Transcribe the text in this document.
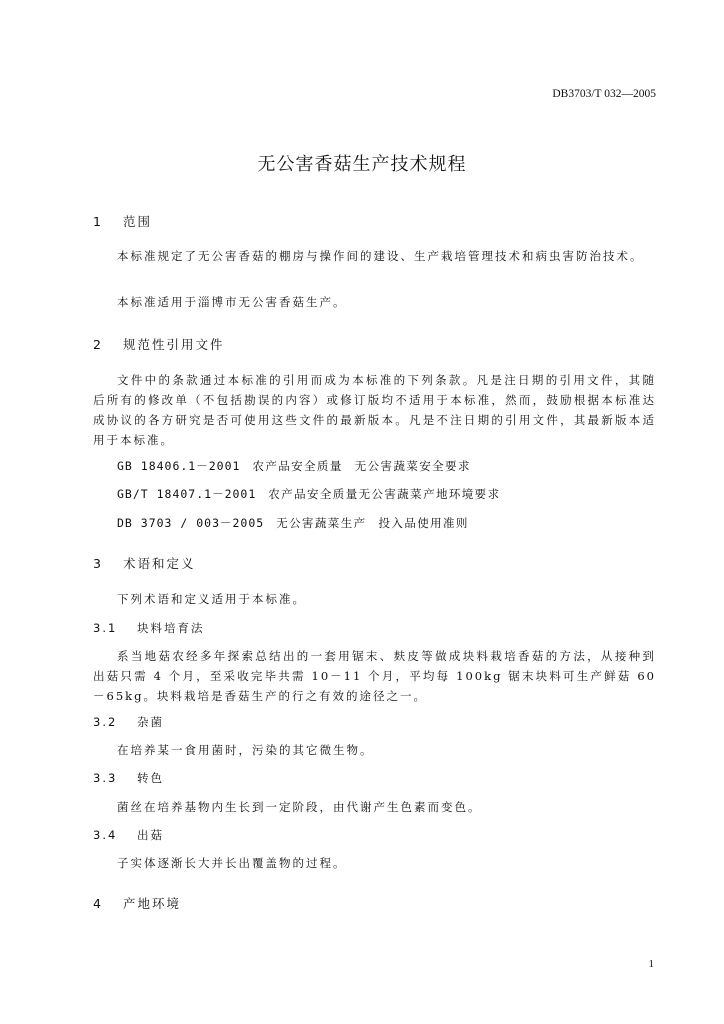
DB3703/T 032—2005
无公害香菇生产技术规程
1 范围
本标准规定了无公害香菇的棚房与操作间的建设、生产栽培管理技术和病虫害防治技术。
本标准适用于淄博市无公害香菇生产。
2 规范性引用文件
文件中的条款通过本标准的引用而成为本标准的下列条款。凡是注日期的引用文件，其随后所有的修改单（不包括勘误的内容）或修订版均不适用于本标准，然而，鼓励根据本标准达成协议的各方研究是否可使用这些文件的最新版本。凡是不注日期的引用文件，其最新版本适用于本标准。
GB 18406.1－2001 农产品安全质量 无公害蔬菜安全要求
GB/T 18407.1－2001 农产品安全质量无公害蔬菜产地环境要求
DB 3703 / 003－2005 无公害蔬菜生产 投入品使用准则
3 术语和定义
下列术语和定义适用于本标准。
3.1 块料培育法
系当地菇农经多年探索总结出的一套用锯末、麸皮等做成块料栽培香菇的方法，从接种到出菇只需 4 个月，至采收完毕共需 10－11 个月，平均每 100kg 锯末块料可生产鲜菇 60－65kg。块料栽培是香菇生产的行之有效的途径之一。
3.2 杂菌
在培养某一食用菌时，污染的其它微生物。
3.3 转色
菌丝在培养基物内生长到一定阶段，由代谢产生色素而变色。
3.4 出菇
子实体逐渐长大并长出覆盖物的过程。
4 产地环境
1
